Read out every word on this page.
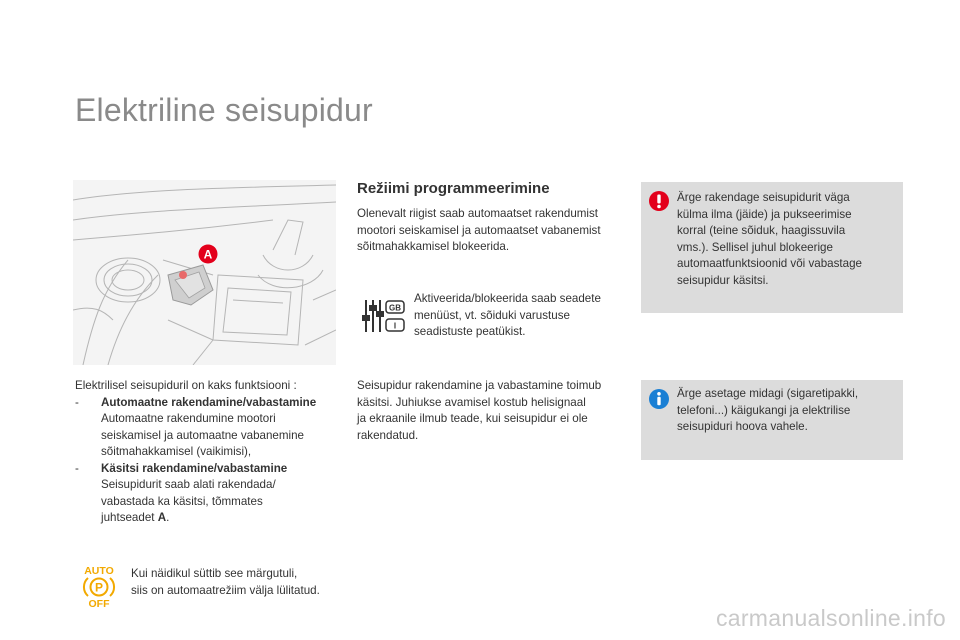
Elektriline seisupidur
A
Elektrilisel seisupiduril on kaks funktsiooni :
- Automaatne rakendamine/vabastamine
Automaatne rakendumine mootori
seiskamisel ja automaatne vabanemine
sõitmahakkamisel (vaikimisi),
- Käsitsi rakendamine/vabastamine
Seisupidurit saab alati rakendada/
vabastada ka käsitsi, tõmmates
juhtseadet A.
AUTO
P
OFF
Kui näidikul süttib see märgutuli,
siis on automaatrežiim välja lülitatud.
Režiimi programmeerimine
Olenevalt riigist saab automaatset rakendumist
mootori seiskamisel ja automaatset vabanemist
sõitmahakkamisel blokeerida.
GB
I
Aktiveerida/blokeerida saab seadete
menüüst, vt. sõiduki varustuse
seadistuste peatükist.
Seisupidur rakendamine ja vabastamine toimub
käsitsi. Juhiukse avamisel kostub helisignaal
ja ekraanile ilmub teade, kui seisupidur ei ole
rakendatud.
Ärge rakendage seisupidurit väga
külma ilma (jäide) ja pukseerimise
korral (teine sõiduk, haagissuvila
vms.). Sellisel juhul blokeerige
automaatfunktsioonid või vabastage
seisupidur käsitsi.
Ärge asetage midagi (sigaretipakki,
telefoni...) käigukangi ja elektrilise
seisupiduri hoova vahele.
carmanualsonline.info
